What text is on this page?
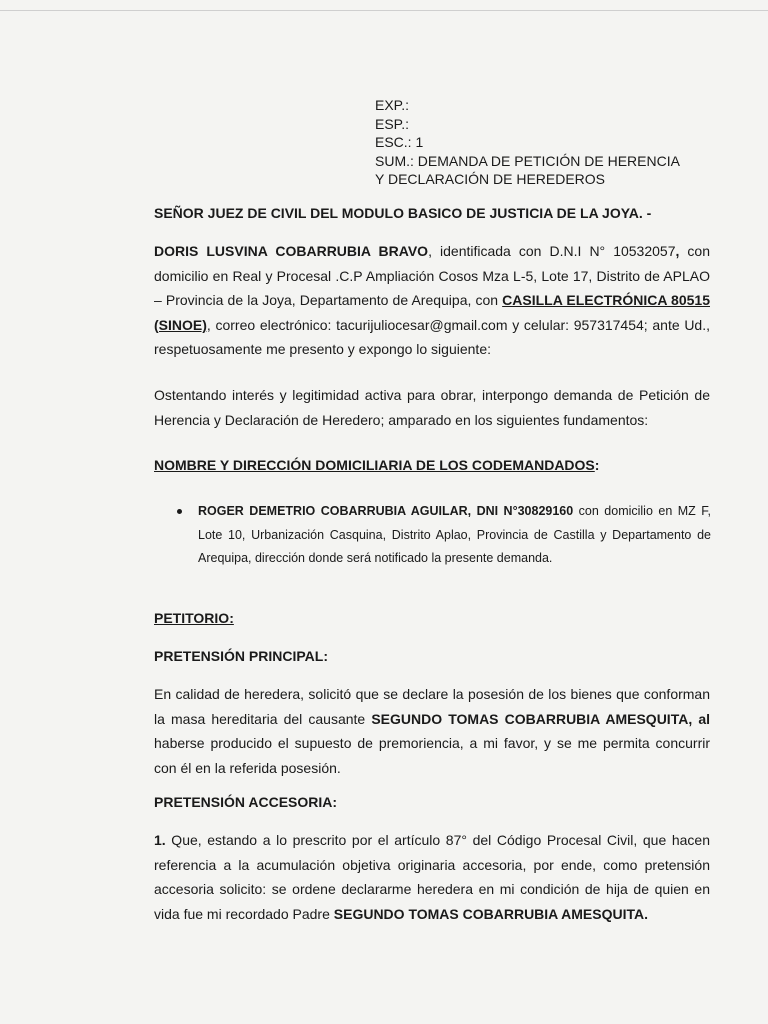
EXP.:
ESP.:
ESC.: 1
SUM.: DEMANDA DE PETICIÓN DE HERENCIA
Y DECLARACIÓN DE HEREDEROS
SEÑOR JUEZ DE CIVIL DEL MODULO BASICO DE JUSTICIA DE LA JOYA. -
DORIS LUSVINA COBARRUBIA BRAVO, identificada con D.N.I N° 10532057, con domicilio en Real y Procesal .C.P Ampliación Cosos Mza L-5, Lote 17, Distrito de APLAO – Provincia de la Joya, Departamento de Arequipa, con CASILLA ELECTRÓNICA 80515 (SINOE), correo electrónico: tacurijuliocesar@gmail.com y celular: 957317454; ante Ud., respetuosamente me presento y expongo lo siguiente:
Ostentando interés y legitimidad activa para obrar, interpongo demanda de Petición de Herencia y Declaración de Heredero; amparado en los siguientes fundamentos:
NOMBRE Y DIRECCIÓN DOMICILIARIA DE LOS CODEMANDADOS:
ROGER DEMETRIO COBARRUBIA AGUILAR, DNI N°30829160 con domicilio en MZ F, Lote 10, Urbanización Casquina, Distrito Aplao, Provincia de Castilla y Departamento de Arequipa, dirección donde será notificado la presente demanda.
PETITORIO:
PRETENSIÓN PRINCIPAL:
En calidad de heredera, solicitó que se declare la posesión de los bienes que conforman la masa hereditaria del causante SEGUNDO TOMAS COBARRUBIA AMESQUITA, al haberse producido el supuesto de premoriencia, a mi favor, y se me permita concurrir con él en la referida posesión.
PRETENSIÓN ACCESORIA:
1. Que, estando a lo prescrito por el artículo 87° del Código Procesal Civil, que hacen referencia a la acumulación objetiva originaria accesoria, por ende, como pretensión accesoria solicito: se ordene declararme heredera en mi condición de hija de quien en vida fue mi recordado Padre SEGUNDO TOMAS COBARRUBIA AMESQUITA.
